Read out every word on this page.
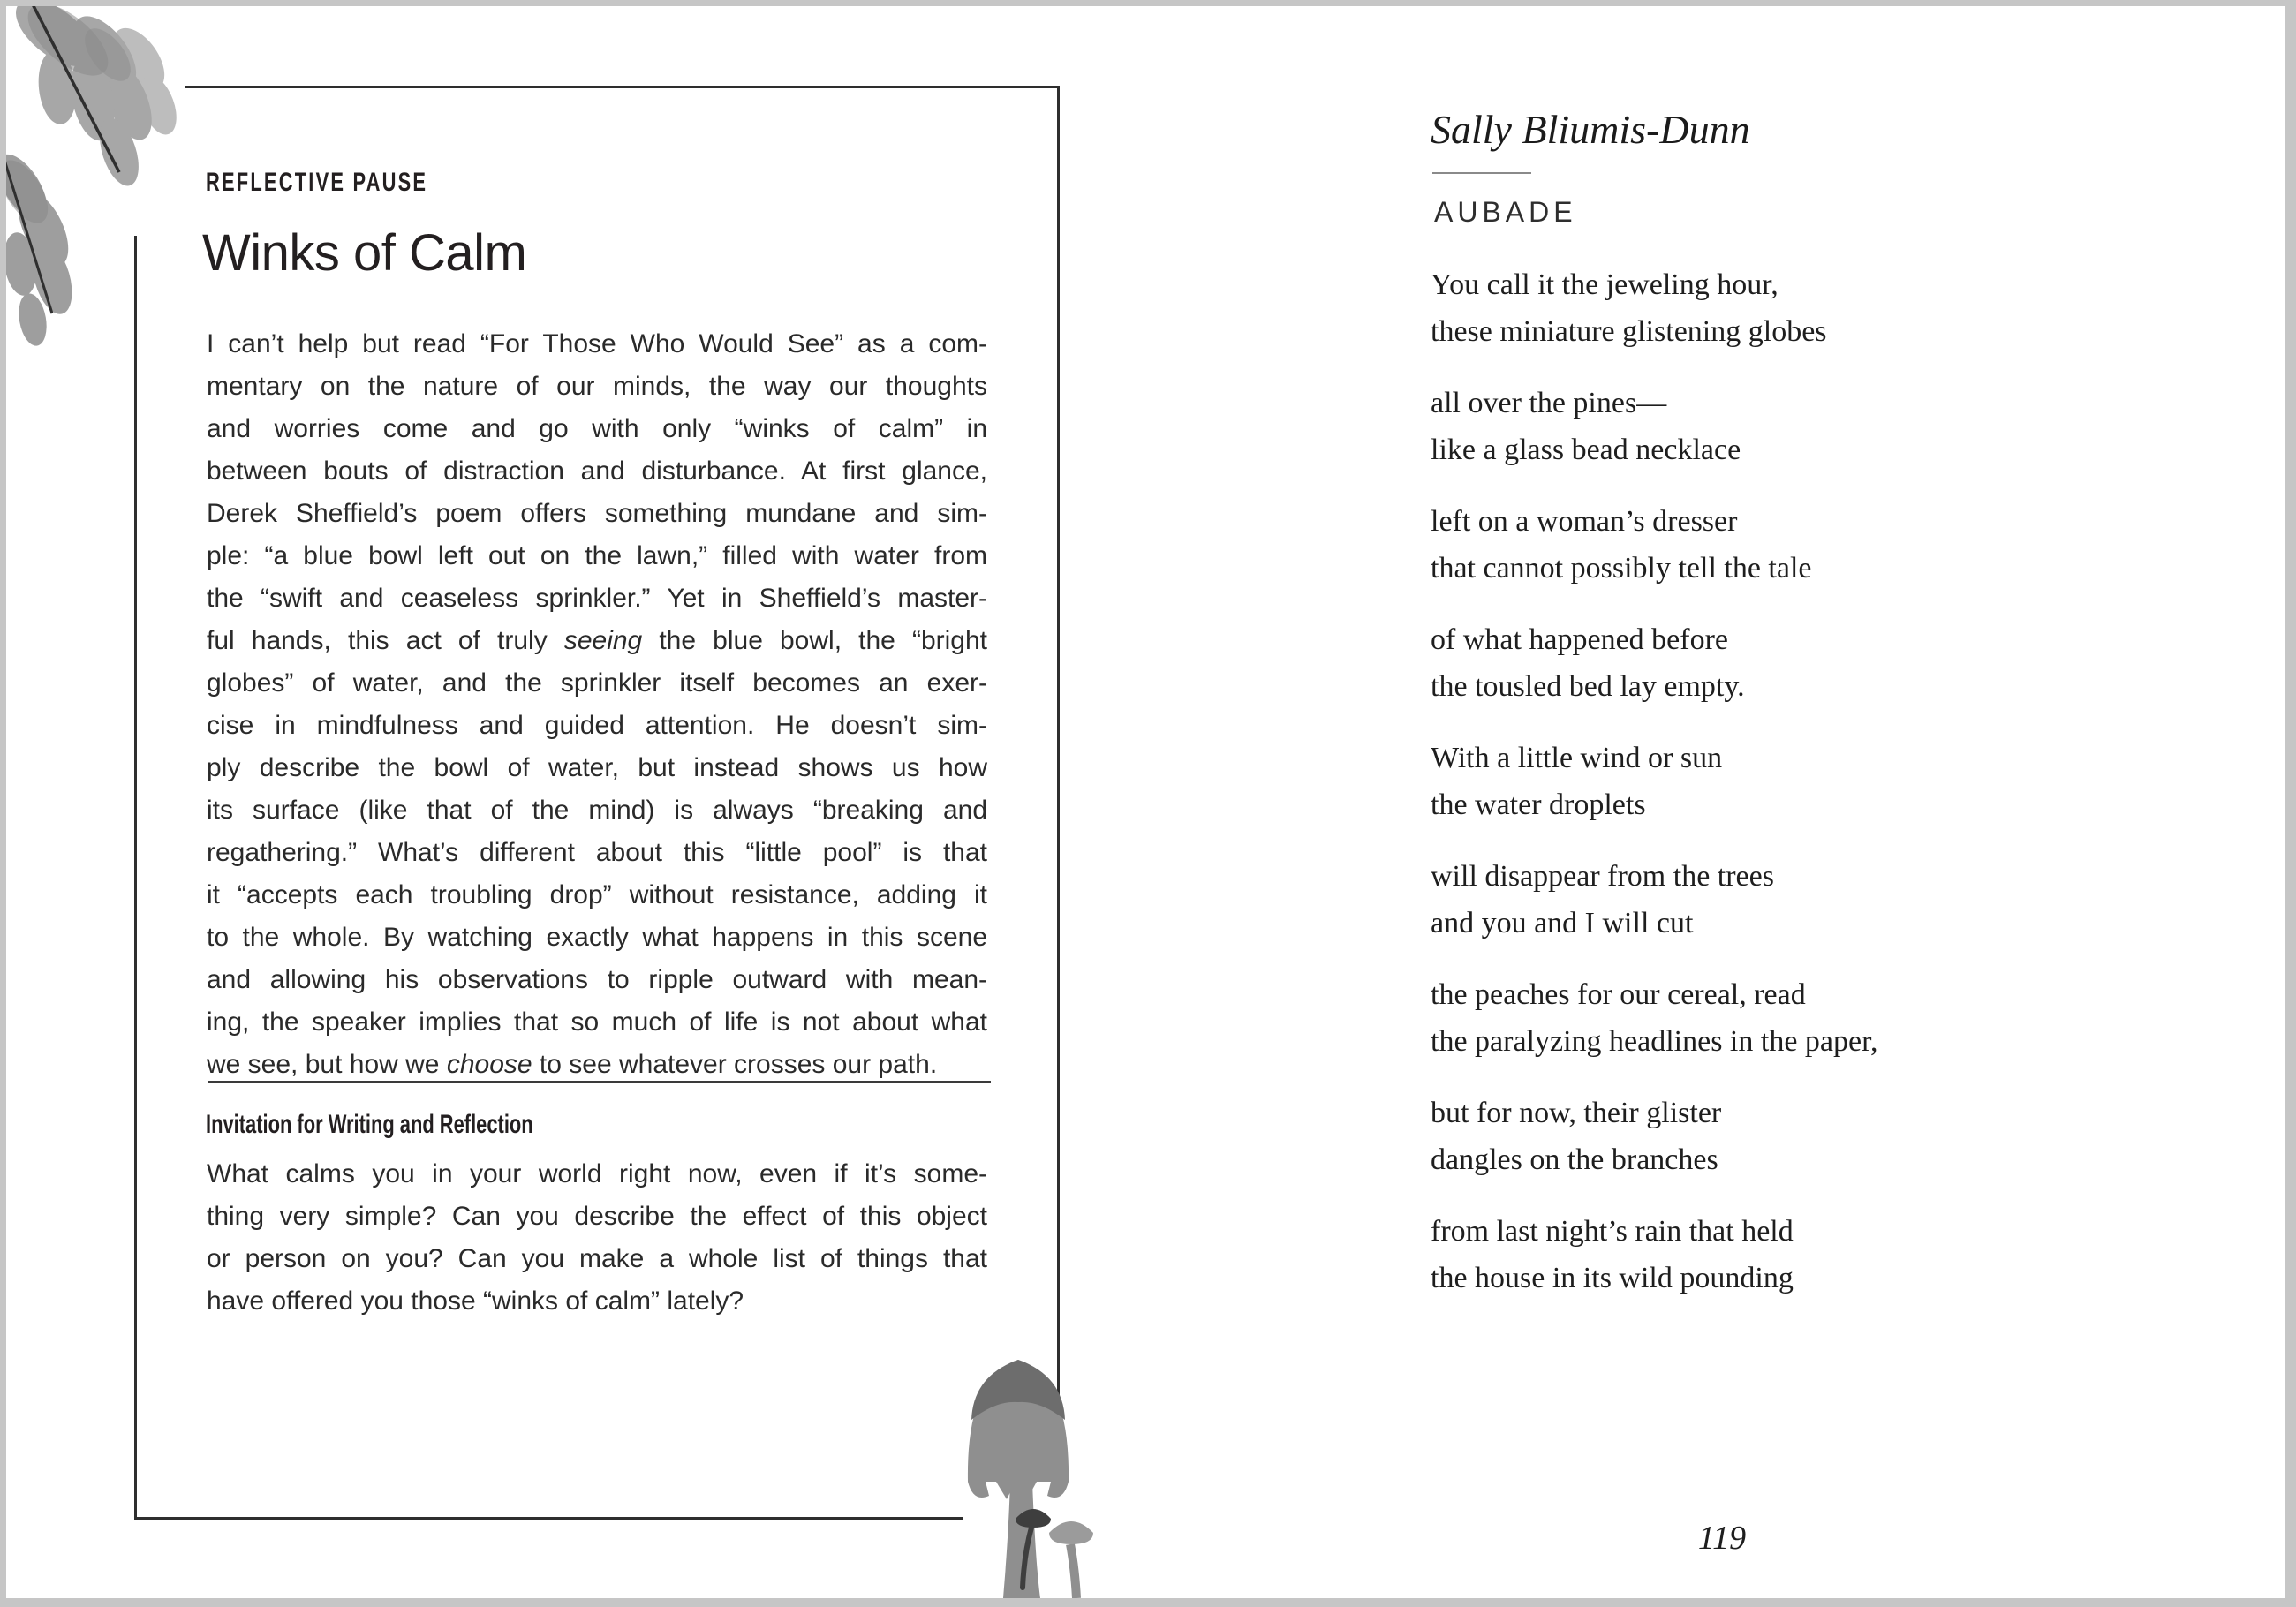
REFLECTIVE PAUSE
Winks of Calm
I can’t help but read “For Those Who Would See” as a com-
mentary on the nature of our minds, the way our thoughts
and worries come and go with only “winks of calm” in
between bouts of distraction and disturbance. At first glance,
Derek Sheffield’s poem offers something mundane and sim-
ple: “a blue bowl left out on the lawn,” filled with water from
the “swift and ceaseless sprinkler.” Yet in Sheffield’s master-
ful hands, this act of truly seeing the blue bowl, the “bright
globes” of water, and the sprinkler itself becomes an exer-
cise in mindfulness and guided attention. He doesn’t sim-
ply describe the bowl of water, but instead shows us how
its surface (like that of the mind) is always “breaking and
regathering.” What’s different about this “little pool” is that
it “accepts each troubling drop” without resistance, adding it
to the whole. By watching exactly what happens in this scene
and allowing his observations to ripple outward with mean-
ing, the speaker implies that so much of life is not about what
we see, but how we choose to see whatever crosses our path.
Invitation for Writing and Reflection
What calms you in your world right now, even if it’s some-
thing very simple? Can you describe the effect of this object
or person on you? Can you make a whole list of things that
have offered you those “winks of calm” lately?
Sally Bliumis-Dunn
AUBADE
You call it the jeweling hour,
these miniature glistening globes
all over the pines—
like a glass bead necklace
left on a woman’s dresser
that cannot possibly tell the tale
of what happened before
the tousled bed lay empty.
With a little wind or sun
the water droplets
will disappear from the trees
and you and I will cut
the peaches for our cereal, read
the paralyzing headlines in the paper,
but for now, their glister
dangles on the branches
from last night’s rain that held
the house in its wild pounding
119
